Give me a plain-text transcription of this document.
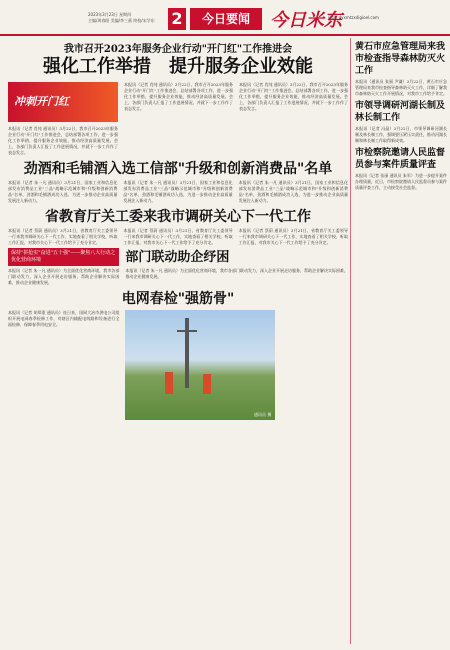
2023年3月23日 星期四
主编/周春阳 美编/李三燕 终校/宋学东 2	今日要闻	今日米东
网址: dyxmtzxdigioel.com
我市召开2023年服务企业行动"开门红"工作推进会
强化工作举措　提升服务企业效能
冲刺开门红
本报讯（记者 肖纯 通讯员）3月22日，我市召开2023年服务企业行动"开门红"工作推进会，总结部署各项工作，进一步强化工作举措，提升服务企业效能，推动经济高质量发展。会上，各部门负责人汇报了工作进展情况，并就下一步工作作了表态发言。
本报讯（记者 肖纯 通讯员）3月22日，我市召开2023年服务企业行动"开门红"工作推进会，总结部署各项工作，进一步强化工作举措，提升服务企业效能，推动经济高质量发展。会上，各部门负责人汇报了工作进展情况，并就下一步工作作了表态发言。
本报讯（记者 肖纯 通讯员）3月22日，我市召开2023年服务企业行动"开门红"工作推进会，总结部署各项工作，进一步强化工作举措，提升服务企业效能，推动经济高质量发展。会上，各部门负责人汇报了工作进展情况，并就下一步工作作了表态发言。
劲酒和毛铺酒入选工信部"升级和创新消费品"名单
本报讯（记者 朱一凡 通讯员）3月21日，国家工业和信息化部发布消费品工业"三品"战略示范城市和"升级和创新消费品"名单，劲酒和毛铺酒成功入选，为进一步推动企业高质量发展注入新动力。
本报讯（记者 朱一凡 通讯员）3月21日，国家工业和信息化部发布消费品工业"三品"战略示范城市和"升级和创新消费品"名单，劲酒和毛铺酒成功入选，为进一步推动企业高质量发展注入新动力。
本报讯（记者 朱一凡 通讯员）3月21日，国家工业和信息化部发布消费品工业"三品"战略示范城市和"升级和创新消费品"名单，劲酒和毛铺酒成功入选，为进一步推动企业高质量发展注入新动力。
省教育厅关工委来我市调研关心下一代工作
本报讯（记者 蔡蔚 通讯员）3月21日，省教育厅关工委领导一行来我市调研关心下一代工作，实地查看了相关学校，听取工作汇报，对我市关心下一代工作给予了充分肯定。
本报讯（记者 蔡蔚 通讯员）3月21日，省教育厅关工委领导一行来我市调研关心下一代工作，实地查看了相关学校，听取工作汇报，对我市关心下一代工作给予了充分肯定。
本报讯（记者 蔡蔚 通讯员）3月21日，省教育厅关工委领导一行来我市调研关心下一代工作，实地查看了相关学校，听取工作汇报，对我市关心下一代工作给予了充分肯定。
保持"拼抢实"奋进"五十强"——聚焦八大行动之优化营商环境
本报讯（记者 朱一凡 通讯员）为全面优化营商环境，我市各部门联动发力，深入企业开展走访服务，帮助企业解决实际困难，推动企业健康发展。
部门联动助企纾困
本报讯（记者 朱一凡 通讯员）为全面优化营商环境，我市各部门联动发力，深入企业开展走访服务，帮助企业解决实际困难，推动企业健康发展。
电网春检"强筋骨"
本报讯（记者 胡郑重 通讯员）连日来，国网大冶市供电公司组织开展电网春季检修工作，对辖区内输配电线路和设备进行全面检修，保障春季用电安全。
通讯员 摄
黄石市应急管理局来我市检查指导森林防灭火工作
本报讯（通讯员 张丽 尹谦）3月22日，黄石市应急管理局来我市检查指导森林防灭火工作，详细了解我市森林防灭火工作开展情况，对我市工作给予肯定。
市领导调研河湖长制及林长制工作
本报讯（记者 冯晶）3月22日，市领导调研河湖长制及林长制工作，强调要压紧压实责任，推动河湖长制和林长制工作取得新成效。
市检察院邀请人民监督员参与案件质量评查
本报讯（记者 张丽 通讯员 朱军）为进一步提升案件办理质量，近日，市检察院邀请人民监督员参与案件质量评查工作，主动接受社会监督。
